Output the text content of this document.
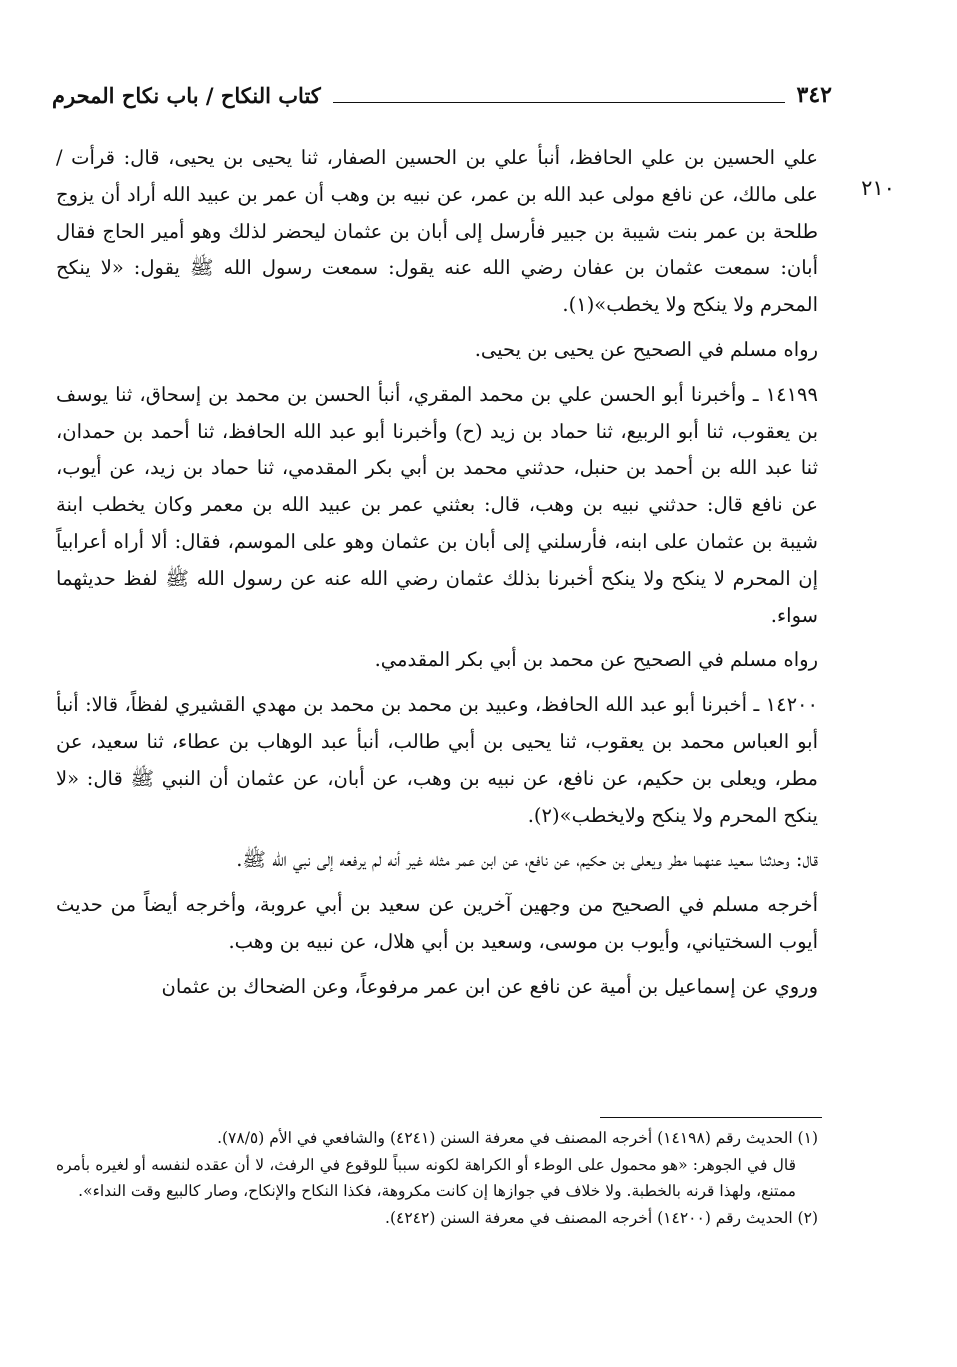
٣٤٢
كتاب النكاح / باب نكاح المحرم
٢١٠

علي الحسين بن علي الحافظ، أنبأ علي بن الحسين الصفار، ثنا يحيى بن يحيى، قال: قرأت / على مالك، عن نافع مولى عبد الله بن عمر، عن نبيه بن وهب أن عمر بن عبيد الله أراد أن يزوج طلحة بن عمر بنت شيبة بن جبير فأرسل إلى أبان بن عثمان ليحضر لذلك وهو أمير الحاج فقال أبان: سمعت عثمان بن عفان رضي الله عنه يقول: سمعت رسول الله ﷺ يقول: «لا ينكح المحرم ولا ينكح ولا يخطب»(١).

رواه مسلم في الصحيح عن يحيى بن يحيى.

١٤١٩٩ ـ وأخبرنا أبو الحسن علي بن محمد المقري، أنبأ الحسن بن محمد بن إسحاق، ثنا يوسف بن يعقوب، ثنا أبو الربيع، ثنا حماد بن زيد (ح) وأخبرنا أبو عبد الله الحافظ، ثنا أحمد بن حمدان، ثنا عبد الله بن أحمد بن حنبل، حدثني محمد بن أبي بكر المقدمي، ثنا حماد بن زيد، عن أيوب، عن نافع قال: حدثني نبيه بن وهب، قال: بعثني عمر بن عبيد الله بن معمر وكان يخطب ابنة شيبة بن عثمان على ابنه، فأرسلني إلى أبان بن عثمان وهو على الموسم، فقال: ألا أراه أعرابياً إن المحرم لا ينكح ولا ينكح أخبرنا بذلك عثمان رضي الله عنه عن رسول الله ﷺ لفظ حديثهما سواء.

رواه مسلم في الصحيح عن محمد بن أبي بكر المقدمي.

١٤٢٠٠ ـ أخبرنا أبو عبد الله الحافظ، وعبيد بن محمد بن محمد بن مهدي القشيري لفظاً، قالا: أنبأ أبو العباس محمد بن يعقوب، ثنا يحيى بن أبي طالب، أنبأ عبد الوهاب بن عطاء، ثنا سعيد، عن مطر، ويعلى بن حكيم، عن نافع، عن نبيه بن وهب، عن أبان، عن عثمان أن النبي ﷺ قال: «لا ينكح المحرم ولا ينكح ولايخطب»(٢).

قال: وحدثنا سعيد عنهما مطر ويعلى بن حكيم، عن نافع، عن ابن عمر مثله غير أنه لم يرفعه إلى نبي الله ﷺ.

أخرجه مسلم في الصحيح من وجهين آخرين عن سعيد بن أبي عروبة، وأخرجه أيضاً من حديث أيوب السختياني، وأيوب بن موسى، وسعيد بن أبي هلال، عن نبيه بن وهب.

وروي عن إسماعيل بن أمية عن نافع عن ابن عمر مرفوعاً، وعن الضحاك بن عثمان

(١) الحديث رقم (١٤١٩٨) أخرجه المصنف في معرفة السنن (٤٢٤١) والشافعي في الأم (٧٨/٥).

قال في الجوهر: «هو محمول على الوطء أو الكراهة لكونه سبباً للوقوع في الرفث، لا أن عقده لنفسه أو لغيره بأمره ممتنع، ولهذا قرنه بالخطبة. ولا خلاف في جوازها إن كانت مكروهة، فكذا النكاح والإنكاح، وصار كالبيع وقت النداء».

(٢) الحديث رقم (١٤٢٠٠) أخرجه المصنف في معرفة السنن (٤٢٤٢).
